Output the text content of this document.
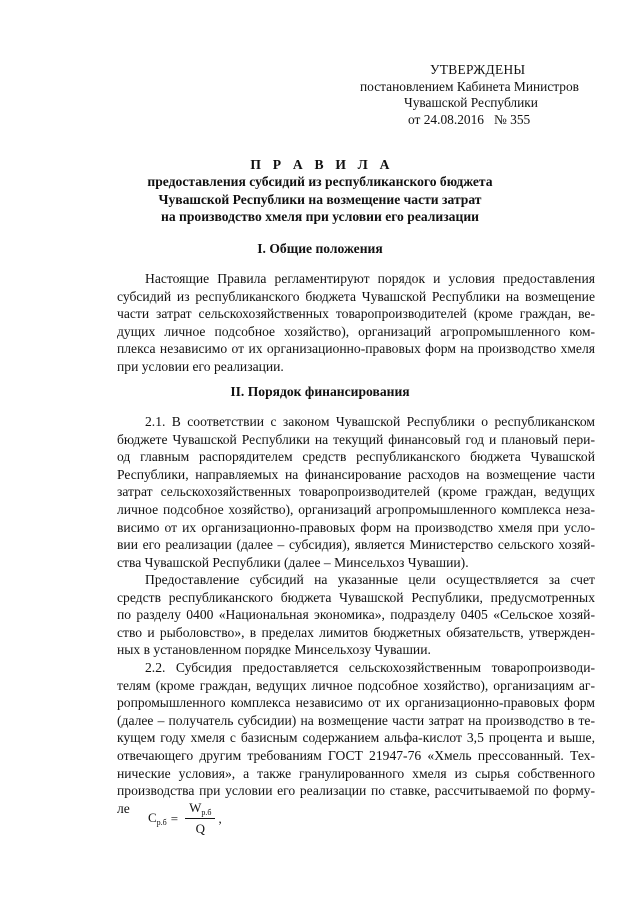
УТВЕРЖДЕНЫ
постановлением Кабинета Министров
Чувашской Республики
от 24.08.2016   № 355
П Р А В И Л А
предоставления субсидий из республиканского бюджета
Чувашской Республики на возмещение части затрат
на производство хмеля при условии его реализации
I. Общие положения
Настоящие Правила регламентируют порядок и условия предоставления
субсидий из республиканского бюджета Чувашской Республики на возмещение
части затрат сельскохозяйственных товаропроизводителей (кроме граждан, ве-
дущих личное подсобное хозяйство), организаций агропромышленного ком-
плекса независимо от их организационно-правовых форм на производство хмеля
при условии его реализации.
II. Порядок финансирования
2.1. В соответствии с законом Чувашской Республики о республиканском
бюджете Чувашской Республики на текущий финансовый год и плановый пери-
од главным распорядителем средств республиканского бюджета Чувашской
Республики, направляемых на финансирование расходов на возмещение части
затрат сельскохозяйственных товаропроизводителей (кроме граждан, ведущих
личное подсобное хозяйство), организаций агропромышленного комплекса неза-
висимо от их организационно-правовых форм на производство хмеля при усло-
вии его реализации (далее – субсидия), является Министерство сельского хозяй-
ства Чувашской Республики (далее – Минсельхоз Чувашии).
Предоставление субсидий на указанные цели осуществляется за счет
средств республиканского бюджета Чувашской Республики, предусмотренных
по разделу 0400 «Национальная экономика», подразделу 0405 «Сельское хозяй-
ство и рыболовство», в пределах лимитов бюджетных обязательств, утвержден-
ных в установленном порядке Минсельхозу Чувашии.
2.2. Субсидия предоставляется сельскохозяйственным товаропроизводи-
телям (кроме граждан, ведущих личное подсобное хозяйство), организациям аг-
ропромышленного комплекса независимо от их организационно-правовых форм
(далее – получатель субсидии) на возмещение части затрат на производство в те-
кущем году хмеля с базисным содержанием альфа-кислот 3,5 процента и выше,
отвечающего другим требованиям ГОСТ 21947-76 «Хмель прессованный. Тех-
нические условия», а также гранулированного хмеля из сырья собственного
производства при условии его реализации по ставке, рассчитываемой по форму-
ле
$С_{р.б} = \frac{W_{р.б}}{Q}$ ,
